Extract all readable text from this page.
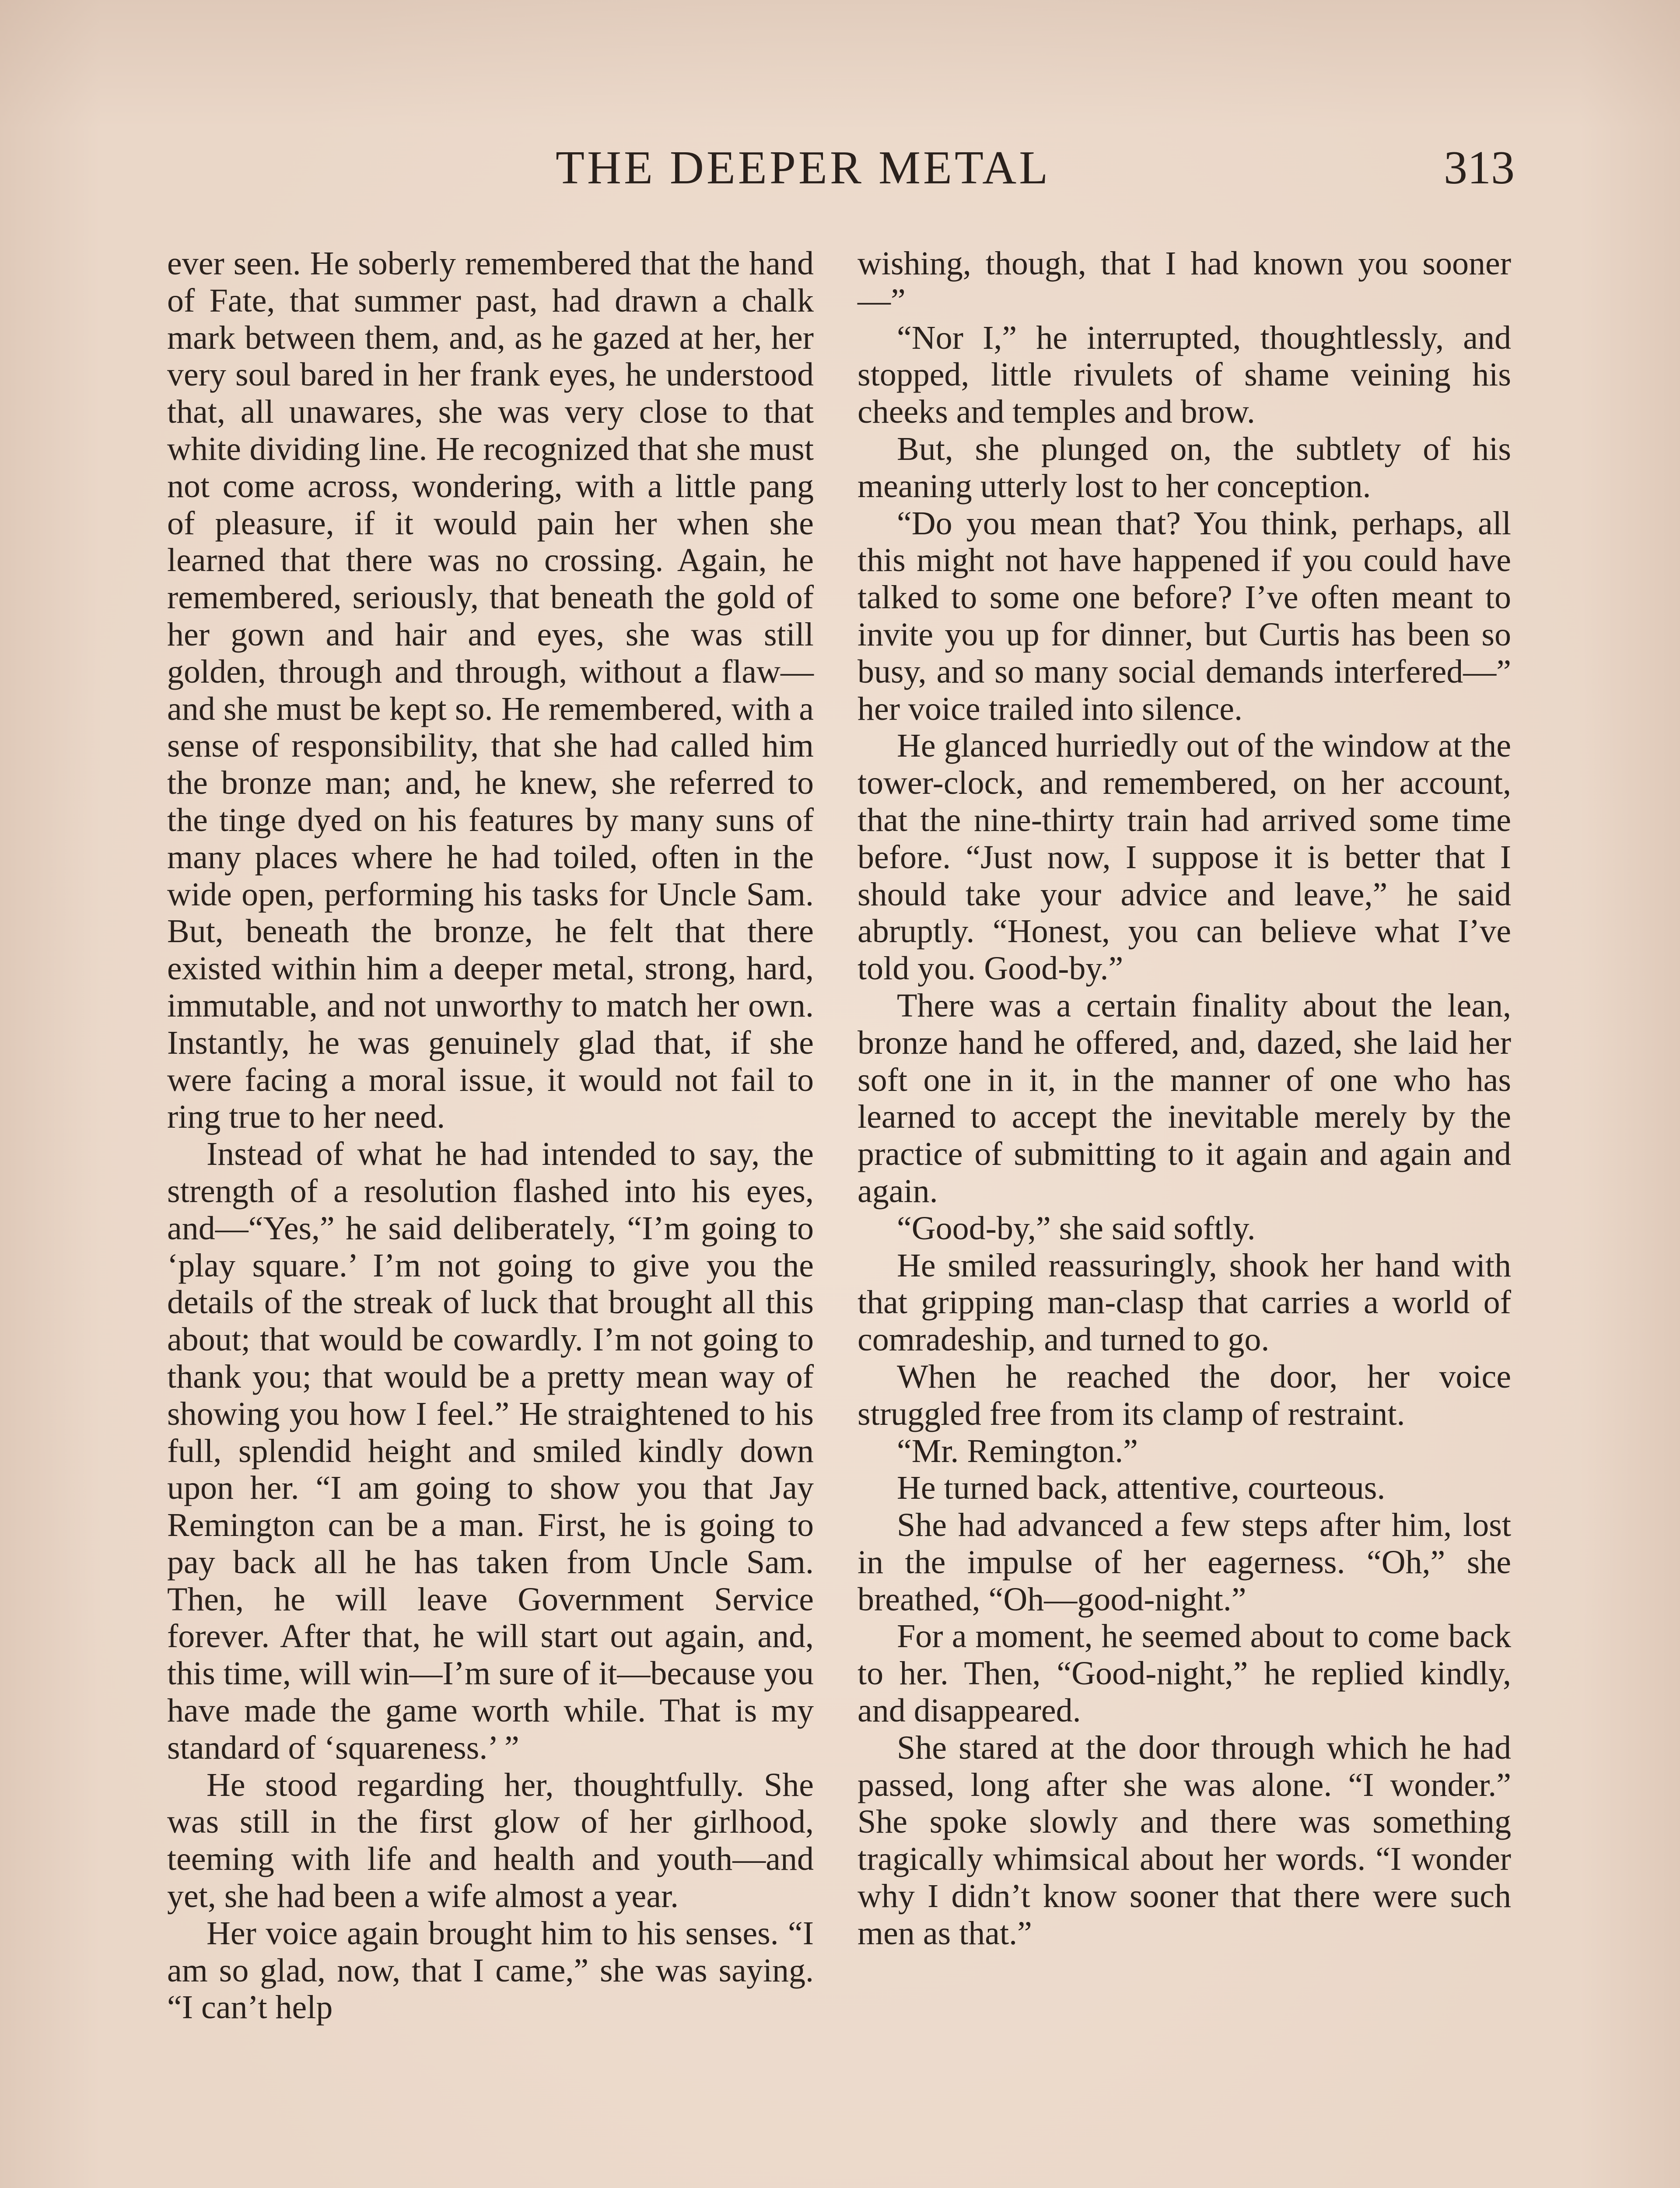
THE DEEPER METAL	313

ever seen. He soberly remembered that the hand of Fate, that summer past, had drawn a chalk mark between them, and, as he gazed at her, her very soul bared in her frank eyes, he understood that, all unawares, she was very close to that white dividing line. He recognized that she must not come across, wondering, with a little pang of pleasure, if it would pain her when she learned that there was no crossing. Again, he remembered, seriously, that beneath the gold of her gown and hair and eyes, she was still golden, through and through, without a flaw—and she must be kept so. He remembered, with a sense of responsibility, that she had called him the bronze man; and, he knew, she referred to the tinge dyed on his features by many suns of many places where he had toiled, often in the wide open, performing his tasks for Uncle Sam. But, beneath the bronze, he felt that there existed within him a deeper metal, strong, hard, immutable, and not unworthy to match her own. Instantly, he was genuinely glad that, if she were facing a moral issue, it would not fail to ring true to her need.

Instead of what he had intended to say, the strength of a resolution flashed into his eyes, and—“Yes,” he said deliberately, “I’m going to ‘play square.’ I’m not going to give you the details of the streak of luck that brought all this about; that would be cowardly. I’m not going to thank you; that would be a pretty mean way of showing you how I feel.” He straightened to his full, splendid height and smiled kindly down upon her. “I am going to show you that Jay Remington can be a man. First, he is going to pay back all he has taken from Uncle Sam. Then, he will leave Government Service forever. After that, he will start out again, and, this time, will win—I’m sure of it—because you have made the game worth while. That is my standard of ‘squareness.’ ”

He stood regarding her, thoughtfully. She was still in the first glow of her girlhood, teeming with life and health and youth—and yet, she had been a wife almost a year.

Her voice again brought him to his senses. “I am so glad, now, that I came,” she was saying. “I can’t help

wishing, though, that I had known you sooner—”

“Nor I,” he interrupted, thoughtlessly, and stopped, little rivulets of shame veining his cheeks and temples and brow.

But, she plunged on, the subtlety of his meaning utterly lost to her conception.

“Do you mean that? You think, perhaps, all this might not have happened if you could have talked to some one before? I’ve often meant to invite you up for dinner, but Curtis has been so busy, and so many social demands interfered—” her voice trailed into silence.

He glanced hurriedly out of the window at the tower-clock, and remembered, on her account, that the nine-thirty train had arrived some time before. “Just now, I suppose it is better that I should take your advice and leave,” he said abruptly. “Honest, you can believe what I’ve told you. Good-by.”

There was a certain finality about the lean, bronze hand he offered, and, dazed, she laid her soft one in it, in the manner of one who has learned to accept the inevitable merely by the practice of submitting to it again and again and again.

“Good-by,” she said softly.

He smiled reassuringly, shook her hand with that gripping man-clasp that carries a world of comradeship, and turned to go.

When he reached the door, her voice struggled free from its clamp of restraint.

“Mr. Remington.”

He turned back, attentive, courteous.

She had advanced a few steps after him, lost in the impulse of her eagerness. “Oh,” she breathed, “Oh—good-night.”

For a moment, he seemed about to come back to her. Then, “Good-night,” he replied kindly, and disappeared.

She stared at the door through which he had passed, long after she was alone. “I wonder.” She spoke slowly and there was something tragically whimsical about her words. “I wonder why I didn’t know sooner that there were such men as that.”
